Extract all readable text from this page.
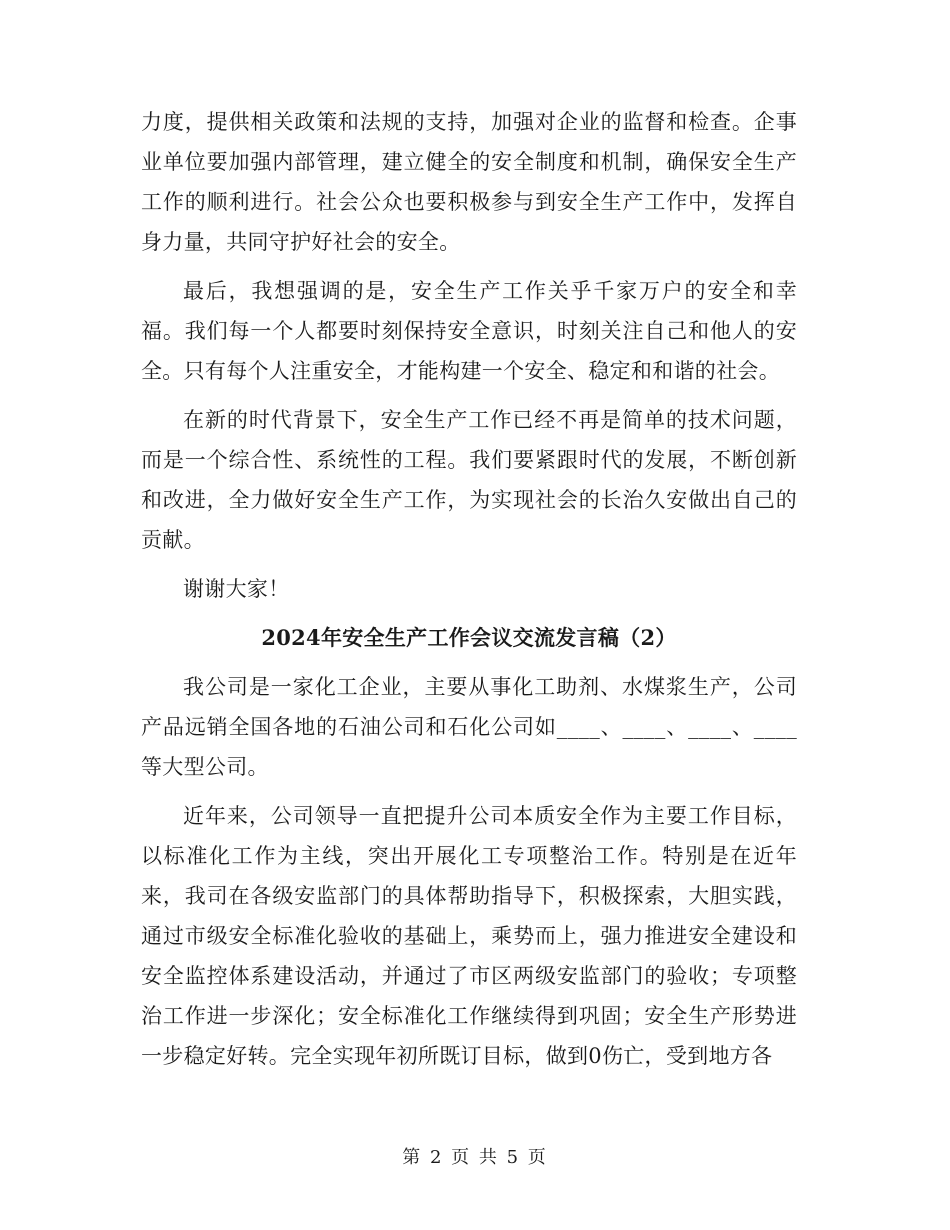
力度，提供相关政策和法规的支持，加强对企业的监督和检查。企事业单位要加强内部管理，建立健全的安全制度和机制，确保安全生产工作的顺利进行。社会公众也要积极参与到安全生产工作中，发挥自身力量，共同守护好社会的安全。

最后，我想强调的是，安全生产工作关乎千家万户的安全和幸福。我们每一个人都要时刻保持安全意识，时刻关注自己和他人的安全。只有每个人注重安全，才能构建一个安全、稳定和和谐的社会。

在新的时代背景下，安全生产工作已经不再是简单的技术问题，而是一个综合性、系统性的工程。我们要紧跟时代的发展，不断创新和改进，全力做好安全生产工作，为实现社会的长治久安做出自己的贡献。

谢谢大家！

2024年安全生产工作会议交流发言稿（2）

我公司是一家化工企业，主要从事化工助剂、水煤浆生产，公司产品远销全国各地的石油公司和石化公司如____、____、____、____等大型公司。

近年来，公司领导一直把提升公司本质安全作为主要工作目标，以标准化工作为主线，突出开展化工专项整治工作。特别是在近年来，我司在各级安监部门的具体帮助指导下，积极探索，大胆实践，通过市级安全标准化验收的基础上，乘势而上，强力推进安全建设和安全监控体系建设活动，并通过了市区两级安监部门的验收；专项整治工作进一步深化；安全标准化工作继续得到巩固；安全生产形势进一步稳定好转。完全实现年初所既订目标，做到0伤亡，受到地方各

第 2 页 共 5 页
